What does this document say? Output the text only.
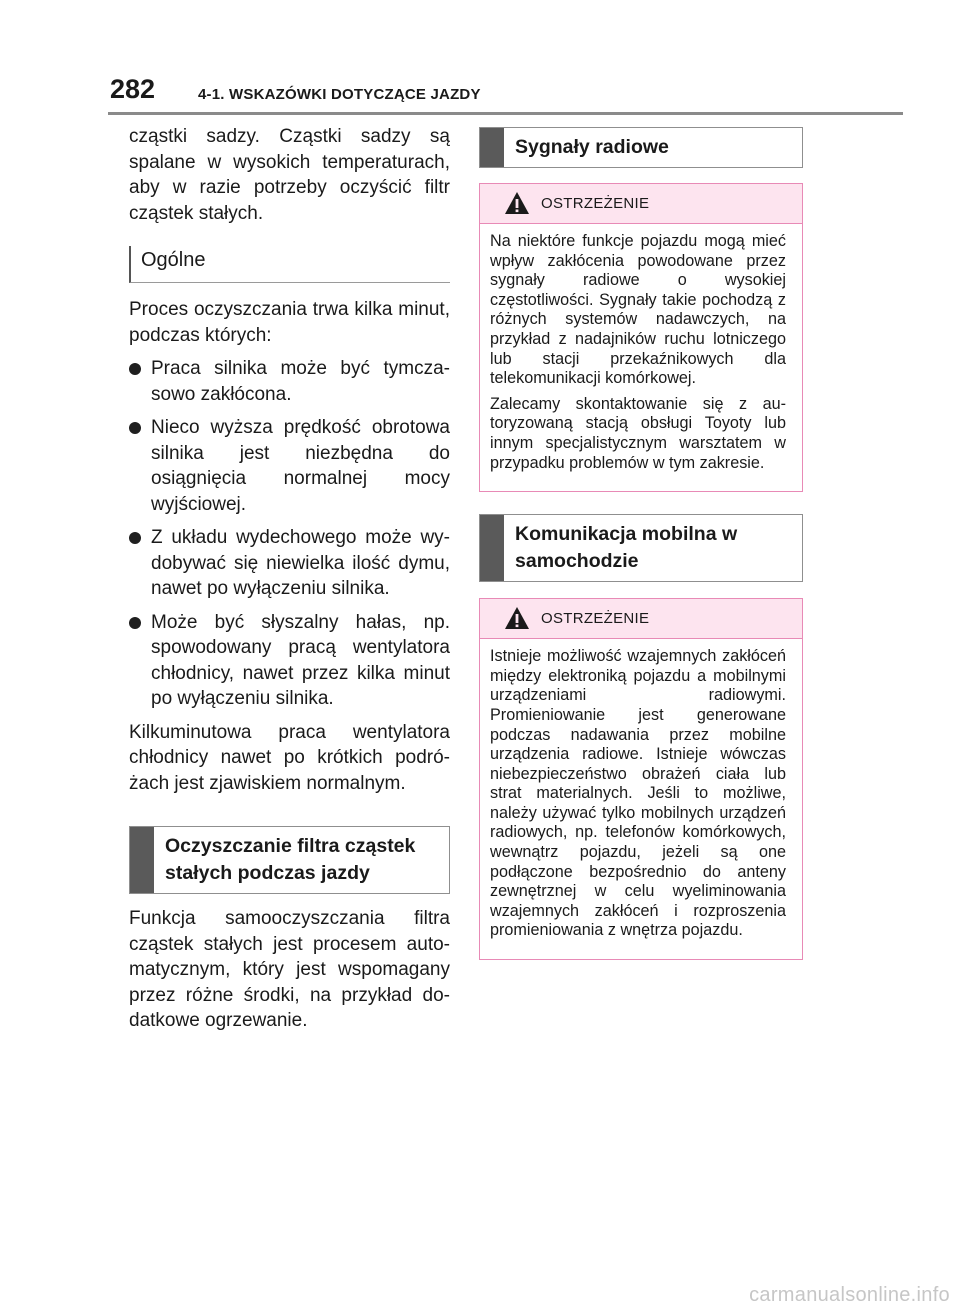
282	4-1. WSKAZÓWKI DOTYCZĄCE JAZDY

cząstki sadzy. Cząstki sadzy są spalane w wysokich temperaturach, aby w razie potrzeby oczyścić filtr cząstek stałych.

Ogólne

Proces oczyszczania trwa kilka minut, podczas których:

Praca silnika może być tymczasowo zakłócona.
Nieco wyższa prędkość obrotowa silnika jest niezbędna do osiągnięcia normalnej mocy wyjściowej.
Z układu wydechowego może wydobywać się niewielka ilość dymu, nawet po wyłączeniu silnika.
Może być słyszalny hałas, np. spowodowany pracą wentylatora chłodnicy, nawet przez kilka minut po wyłączeniu silnika.

Kilkuminutowa praca wentylatora chłodnicy nawet po krótkich podróżach jest zjawiskiem normalnym.

Oczyszczanie filtra cząstek stałych podczas jazdy

Funkcja samooczyszczania filtra cząstek stałych jest procesem automatycznym, który jest wspomagany przez różne środki, na przykład dodatkowe ogrzewanie.

Sygnały radiowe
OSTRZEŻENIE

Na niektóre funkcje pojazdu mogą mieć wpływ zakłócenia powodowane przez sygnały radiowe o wysokiej częstotliwości. Sygnały takie pochodzą z różnych systemów nadawczych, na przykład z nadajników ruchu lotniczego lub stacji przekaźnikowych dla telekomunikacji komórkowej.

Zalecamy skontaktowanie się z autoryzowaną stacją obsługi Toyoty lub innym specjalistycznym warsztatem w przypadku problemów w tym zakresie.

Komunikacja mobilna w samochodzie
OSTRZEŻENIE

Istnieje możliwość wzajemnych zakłóceń między elektroniką pojazdu a mobilnymi urządzeniami radiowymi. Promieniowanie jest generowane podczas nadawania przez mobilne urządzenia radiowe. Istnieje wówczas niebezpieczeństwo obrażeń ciała lub strat materialnych. Jeśli to możliwe, należy używać tylko mobilnych urządzeń radiowych, np. telefonów komórkowych, wewnątrz pojazdu, jeżeli są one podłączone bezpośrednio do anteny zewnętrznej w celu wyeliminowania wzajemnych zakłóceń i rozproszenia promieniowania z wnętrza pojazdu.

carmanualsonline.info
